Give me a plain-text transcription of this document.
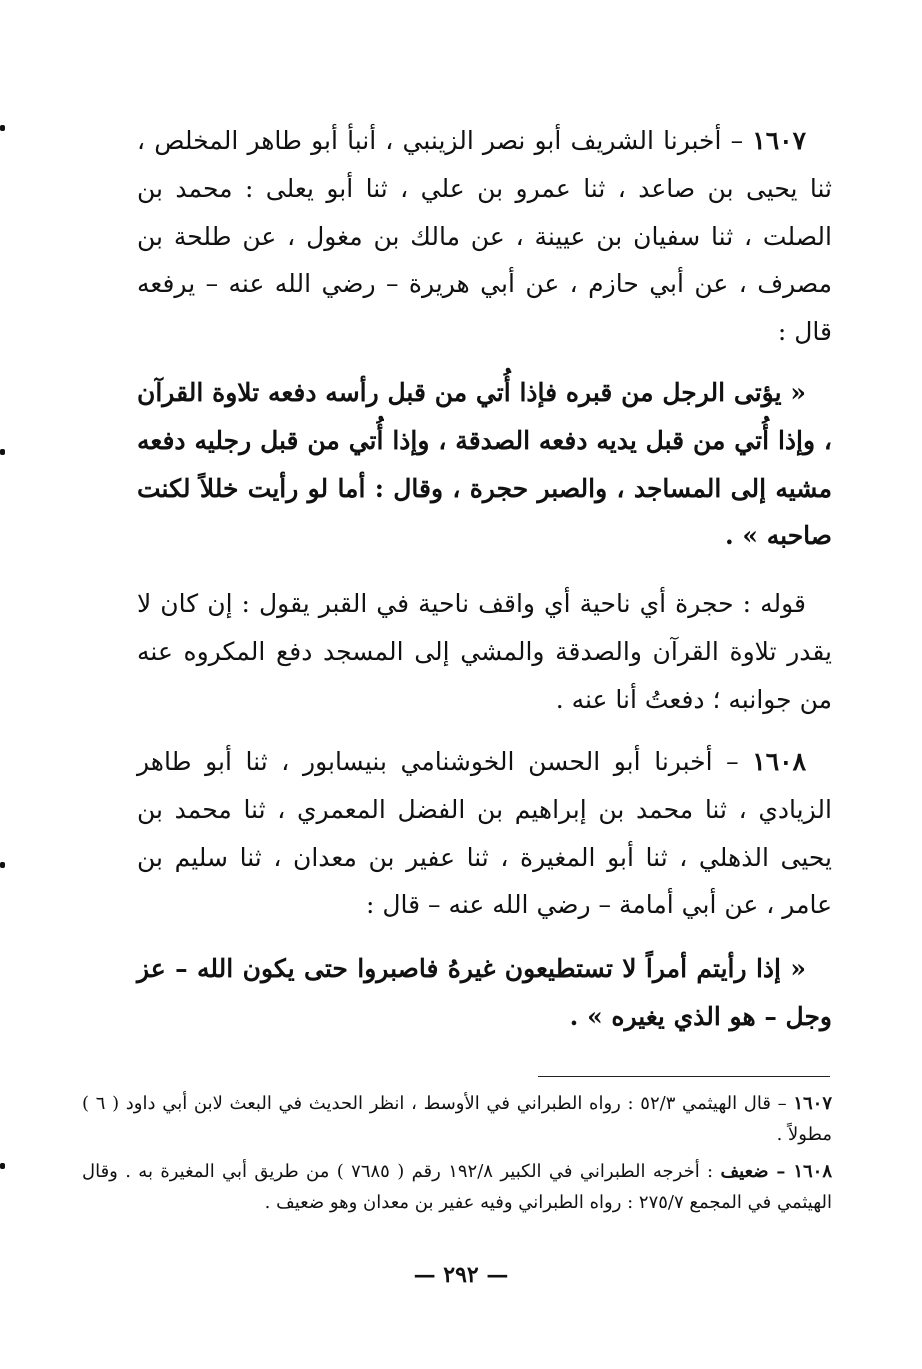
١٦٠٧ – أخبرنا الشريف أبو نصر الزينبي ، أنبأ أبو طاهر المخلص ، ثنا يحيى بن صاعد ، ثنا عمرو بن علي ، ثنا أبو يعلى : محمد بن الصلت ، ثنا سفيان بن عيينة ، عن مالك بن مغول ، عن طلحة بن مصرف ، عن أبي حازم ، عن أبي هريرة – رضي الله عنه – يرفعه قال :

« يؤتى الرجل من قبره فإذا أُتي من قبل رأسه دفعه تلاوة القرآن ، وإذا أُتي من قبل يديه دفعه الصدقة ، وإذا أُتي من قبل رجليه دفعه مشيه إلى المساجد ، والصبر حجرة ، وقال : أما لو رأيت خللاً لكنت صاحبه » .

قوله : حجرة أي ناحية أي واقف ناحية في القبر يقول : إن كان لا يقدر تلاوة القرآن والصدقة والمشي إلى المسجد دفع المكروه عنه من جوانبه ؛ دفعتُ أنا عنه .

١٦٠٨ – أخبرنا أبو الحسن الخوشنامي بنيسابور ، ثنا أبو طاهر الزيادي ، ثنا محمد بن إبراهيم بن الفضل المعمري ، ثنا محمد بن يحيى الذهلي ، ثنا أبو المغيرة ، ثنا عفير بن معدان ، ثنا سليم بن عامر ، عن أبي أمامة – رضي الله عنه – قال :

« إذا رأيتم أمراً لا تستطيعون غيرهُ فاصبروا حتى يكون الله – عز وجل – هو الذي يغيره » .

١٦٠٧ – قال الهيثمي ٥٢/٣ : رواه الطبراني في الأوسط ، انظر الحديث في البعث لابن أبي داود ( ٦ ) مطولاً .

١٦٠٨ – ضعيف : أخرجه الطبراني في الكبير ١٩٢/٨ رقم ( ٧٦٨٥ ) من طريق أبي المغيرة به . وقال الهيثمي في المجمع ٢٧٥/٧ : رواه الطبراني وفيه عفير بن معدان وهو ضعيف .

— ٢٩٢ —
